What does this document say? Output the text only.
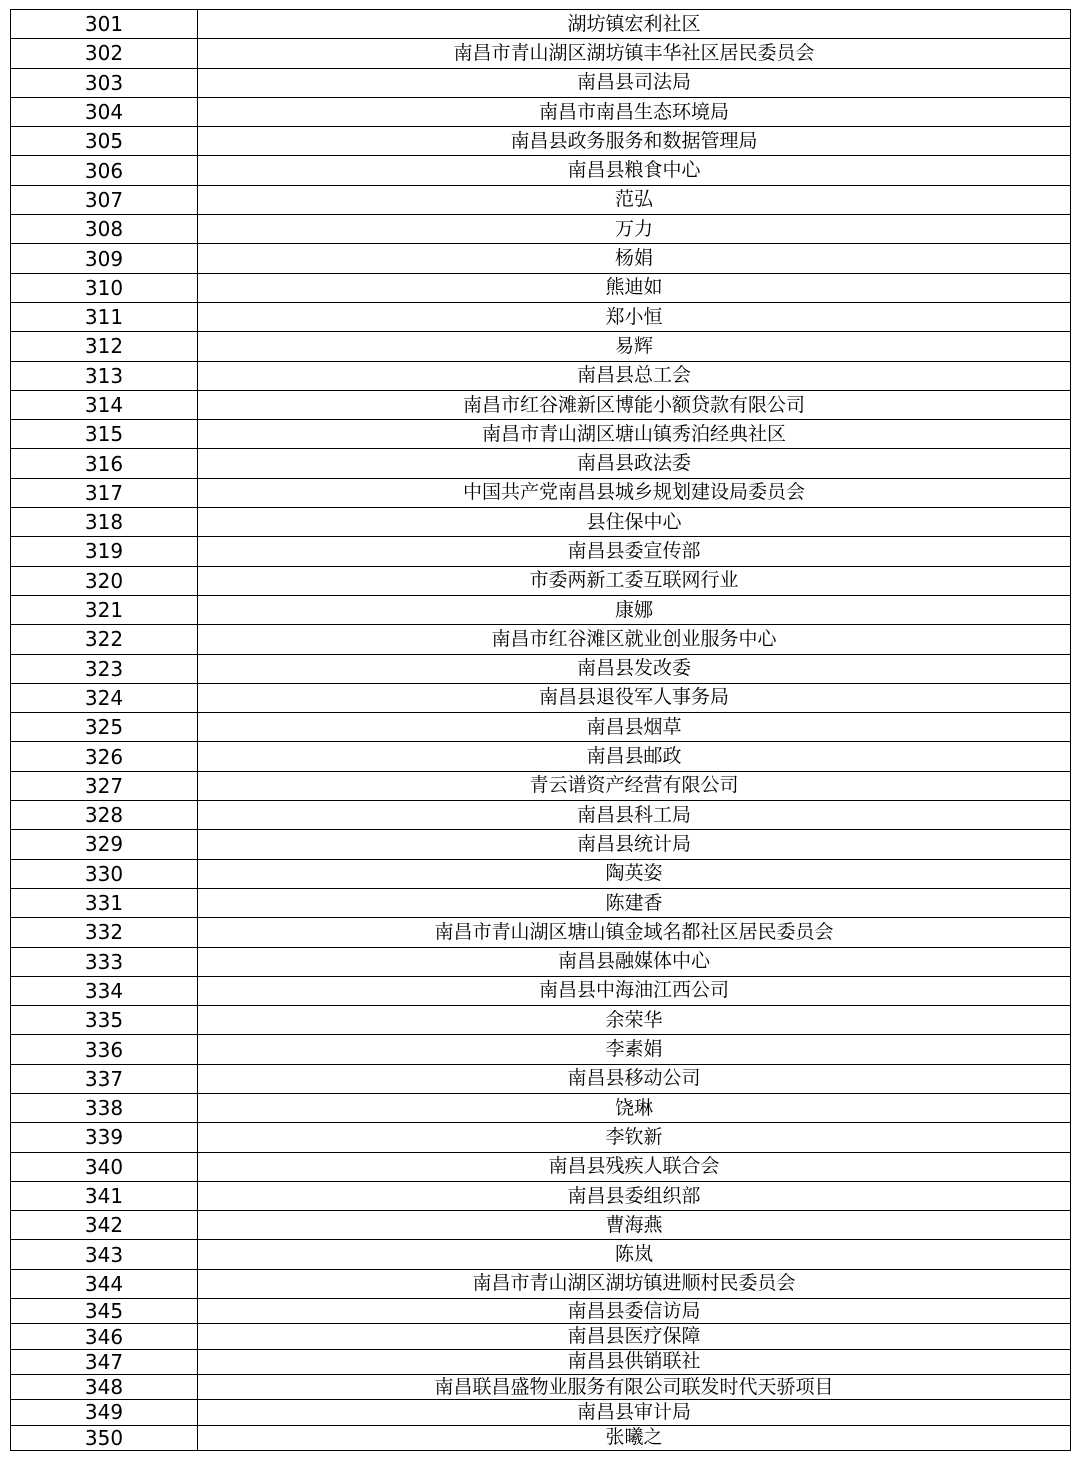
301	湖坊镇宏利社区
302	南昌市青山湖区湖坊镇丰华社区居民委员会
303	南昌县司法局
304	南昌市南昌生态环境局
305	南昌县政务服务和数据管理局
306	南昌县粮食中心
307	范弘
308	万力
309	杨娟
310	熊迪如
311	郑小恒
312	易辉
313	南昌县总工会
314	南昌市红谷滩新区博能小额贷款有限公司
315	南昌市青山湖区塘山镇秀泊经典社区
316	南昌县政法委
317	中国共产党南昌县城乡规划建设局委员会
318	县住保中心
319	南昌县委宣传部
320	市委两新工委互联网行业
321	康娜
322	南昌市红谷滩区就业创业服务中心
323	南昌县发改委
324	南昌县退役军人事务局
325	南昌县烟草
326	南昌县邮政
327	青云谱资产经营有限公司
328	南昌县科工局
329	南昌县统计局
330	陶英姿
331	陈建香
332	南昌市青山湖区塘山镇金域名都社区居民委员会
333	南昌县融媒体中心
334	南昌县中海油江西公司
335	余荣华
336	李素娟
337	南昌县移动公司
338	饶琳
339	李钦新
340	南昌县残疾人联合会
341	南昌县委组织部
342	曹海燕
343	陈岚
344	南昌市青山湖区湖坊镇进顺村民委员会
345	南昌县委信访局
346	南昌县医疗保障
347	南昌县供销联社
348	南昌联昌盛物业服务有限公司联发时代天骄项目
349	南昌县审计局
350	张曦之
